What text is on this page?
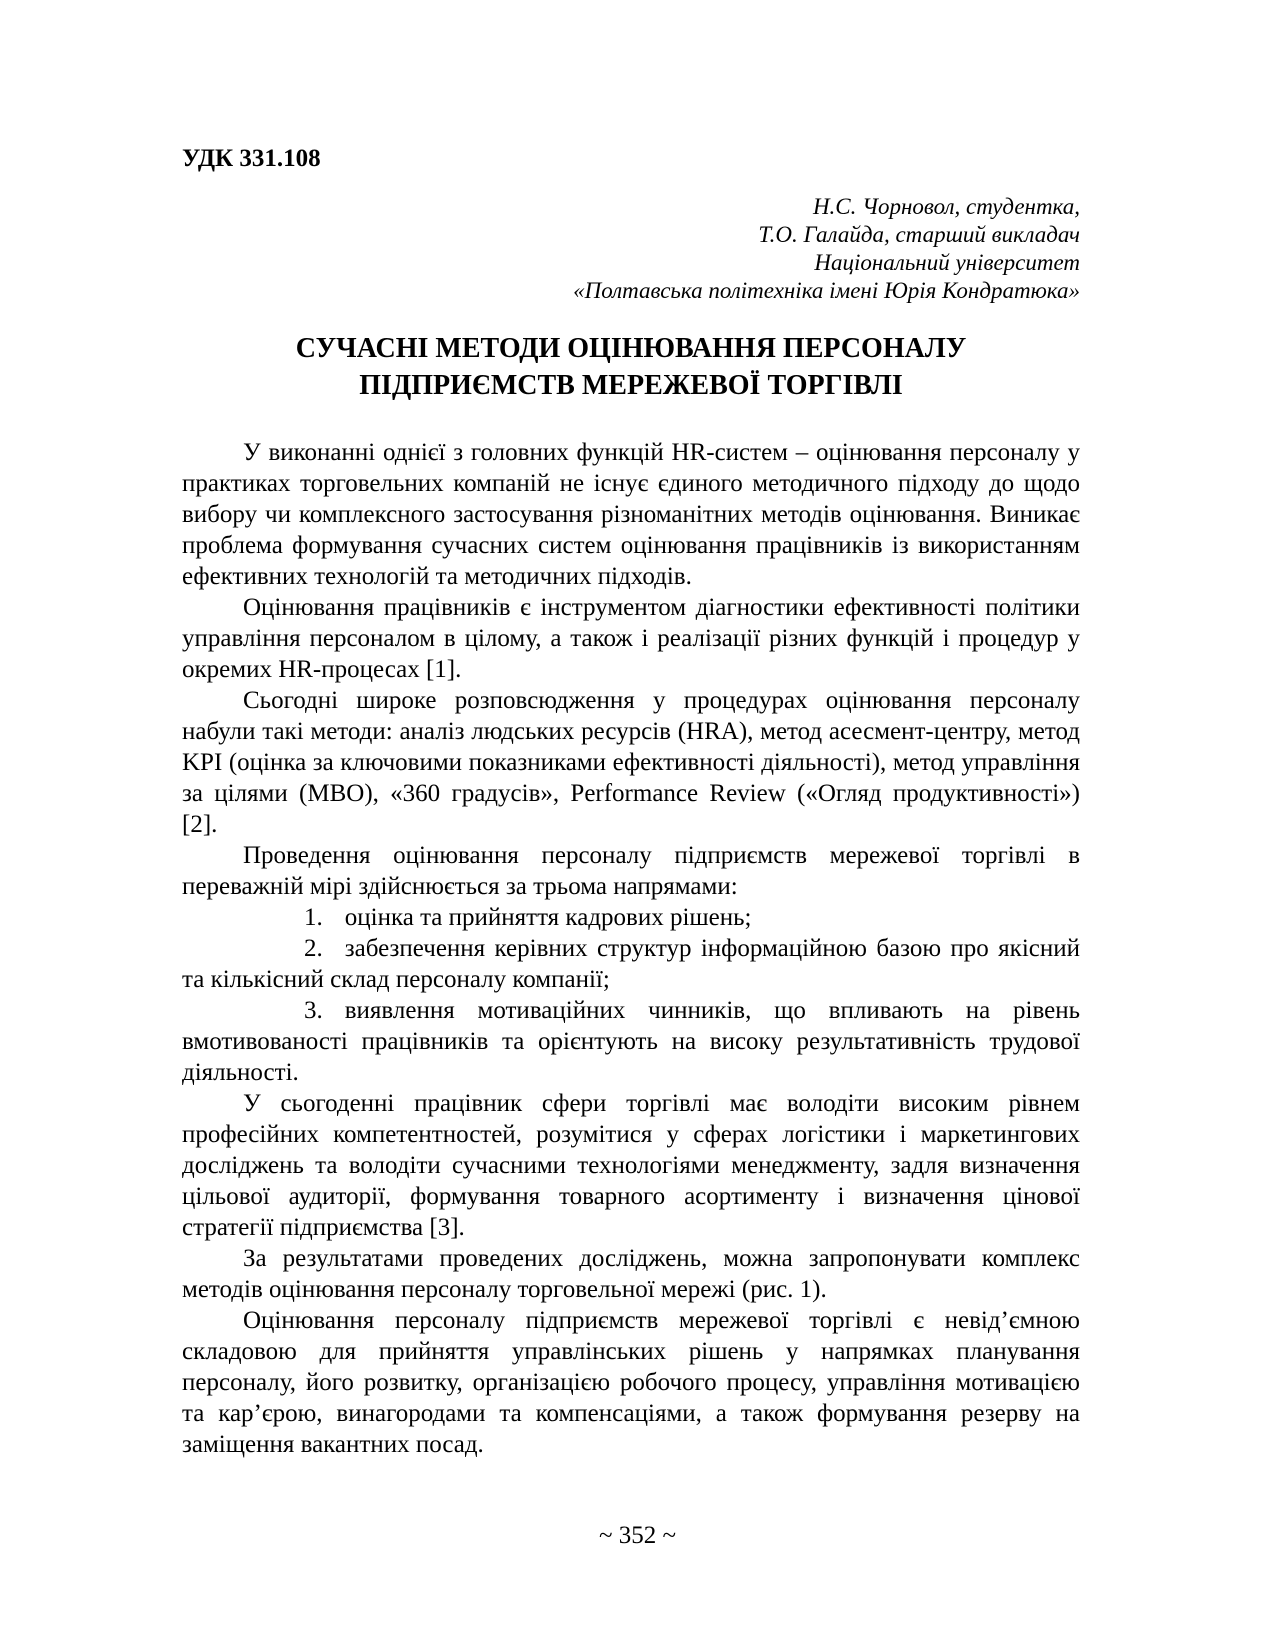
УДК 331.108
Н.С. Чорновол, студентка,
Т.О. Галайда, старший викладач
Національний університет
«Полтавська політехніка імені Юрія Кондратюка»
СУЧАСНІ МЕТОДИ ОЦІНЮВАННЯ ПЕРСОНАЛУ
ПІДПРИЄМСТВ МЕРЕЖЕВОЇ ТОРГІВЛІ

У виконанні однієї з головних функцій HR-систем – оцінювання персоналу у практиках торговельних компаній не існує єдиного методичного підходу до щодо вибору чи комплексного застосування різноманітних методів оцінювання. Виникає проблема формування сучасних систем оцінювання працівників із використанням ефективних технологій та методичних підходів.

Оцінювання працівників є інструментом діагностики ефективності політики управління персоналом в цілому, а також і реалізації різних функцій і процедур у окремих HR-процесах [1].

Сьогодні широке розповсюдження у процедурах оцінювання персоналу набули такі методи: аналіз людських ресурсів (HRA), метод асесмент-центру, метод KPI (оцінка за ключовими показниками ефективності діяльності), метод управління за цілями (МВО), «360 градусів», Performance Review («Огляд продуктивності») [2].

Проведення оцінювання персоналу підприємств мережевої торгівлі в переважній мірі здійснюється за трьома напрямами:

1. оцінка та прийняття кадрових рішень;

2. забезпечення керівних структур інформаційною базою про якісний та кількісний склад персоналу компанії;

3. виявлення мотиваційних чинників, що впливають на рівень вмотивованості працівників та орієнтують на високу результативність трудової діяльності.

У сьогоденні працівник сфери торгівлі має володіти високим рівнем професійних компетентностей, розумітися у сферах логістики і маркетингових досліджень та володіти сучасними технологіями менеджменту, задля визначення цільової аудиторії, формування товарного асортименту і визначення цінової стратегії підприємства [3].

За результатами проведених досліджень, можна запропонувати комплекс методів оцінювання персоналу торговельної мережі (рис. 1).

Оцінювання персоналу підприємств мережевої торгівлі є невід’ємною складовою для прийняття управлінських рішень у напрямках планування персоналу, його розвитку, організацією робочого процесу, управління мотивацією та кар’єрою, винагородами та компенсаціями, а також формування резерву на заміщення вакантних посад.

~ 352 ~
